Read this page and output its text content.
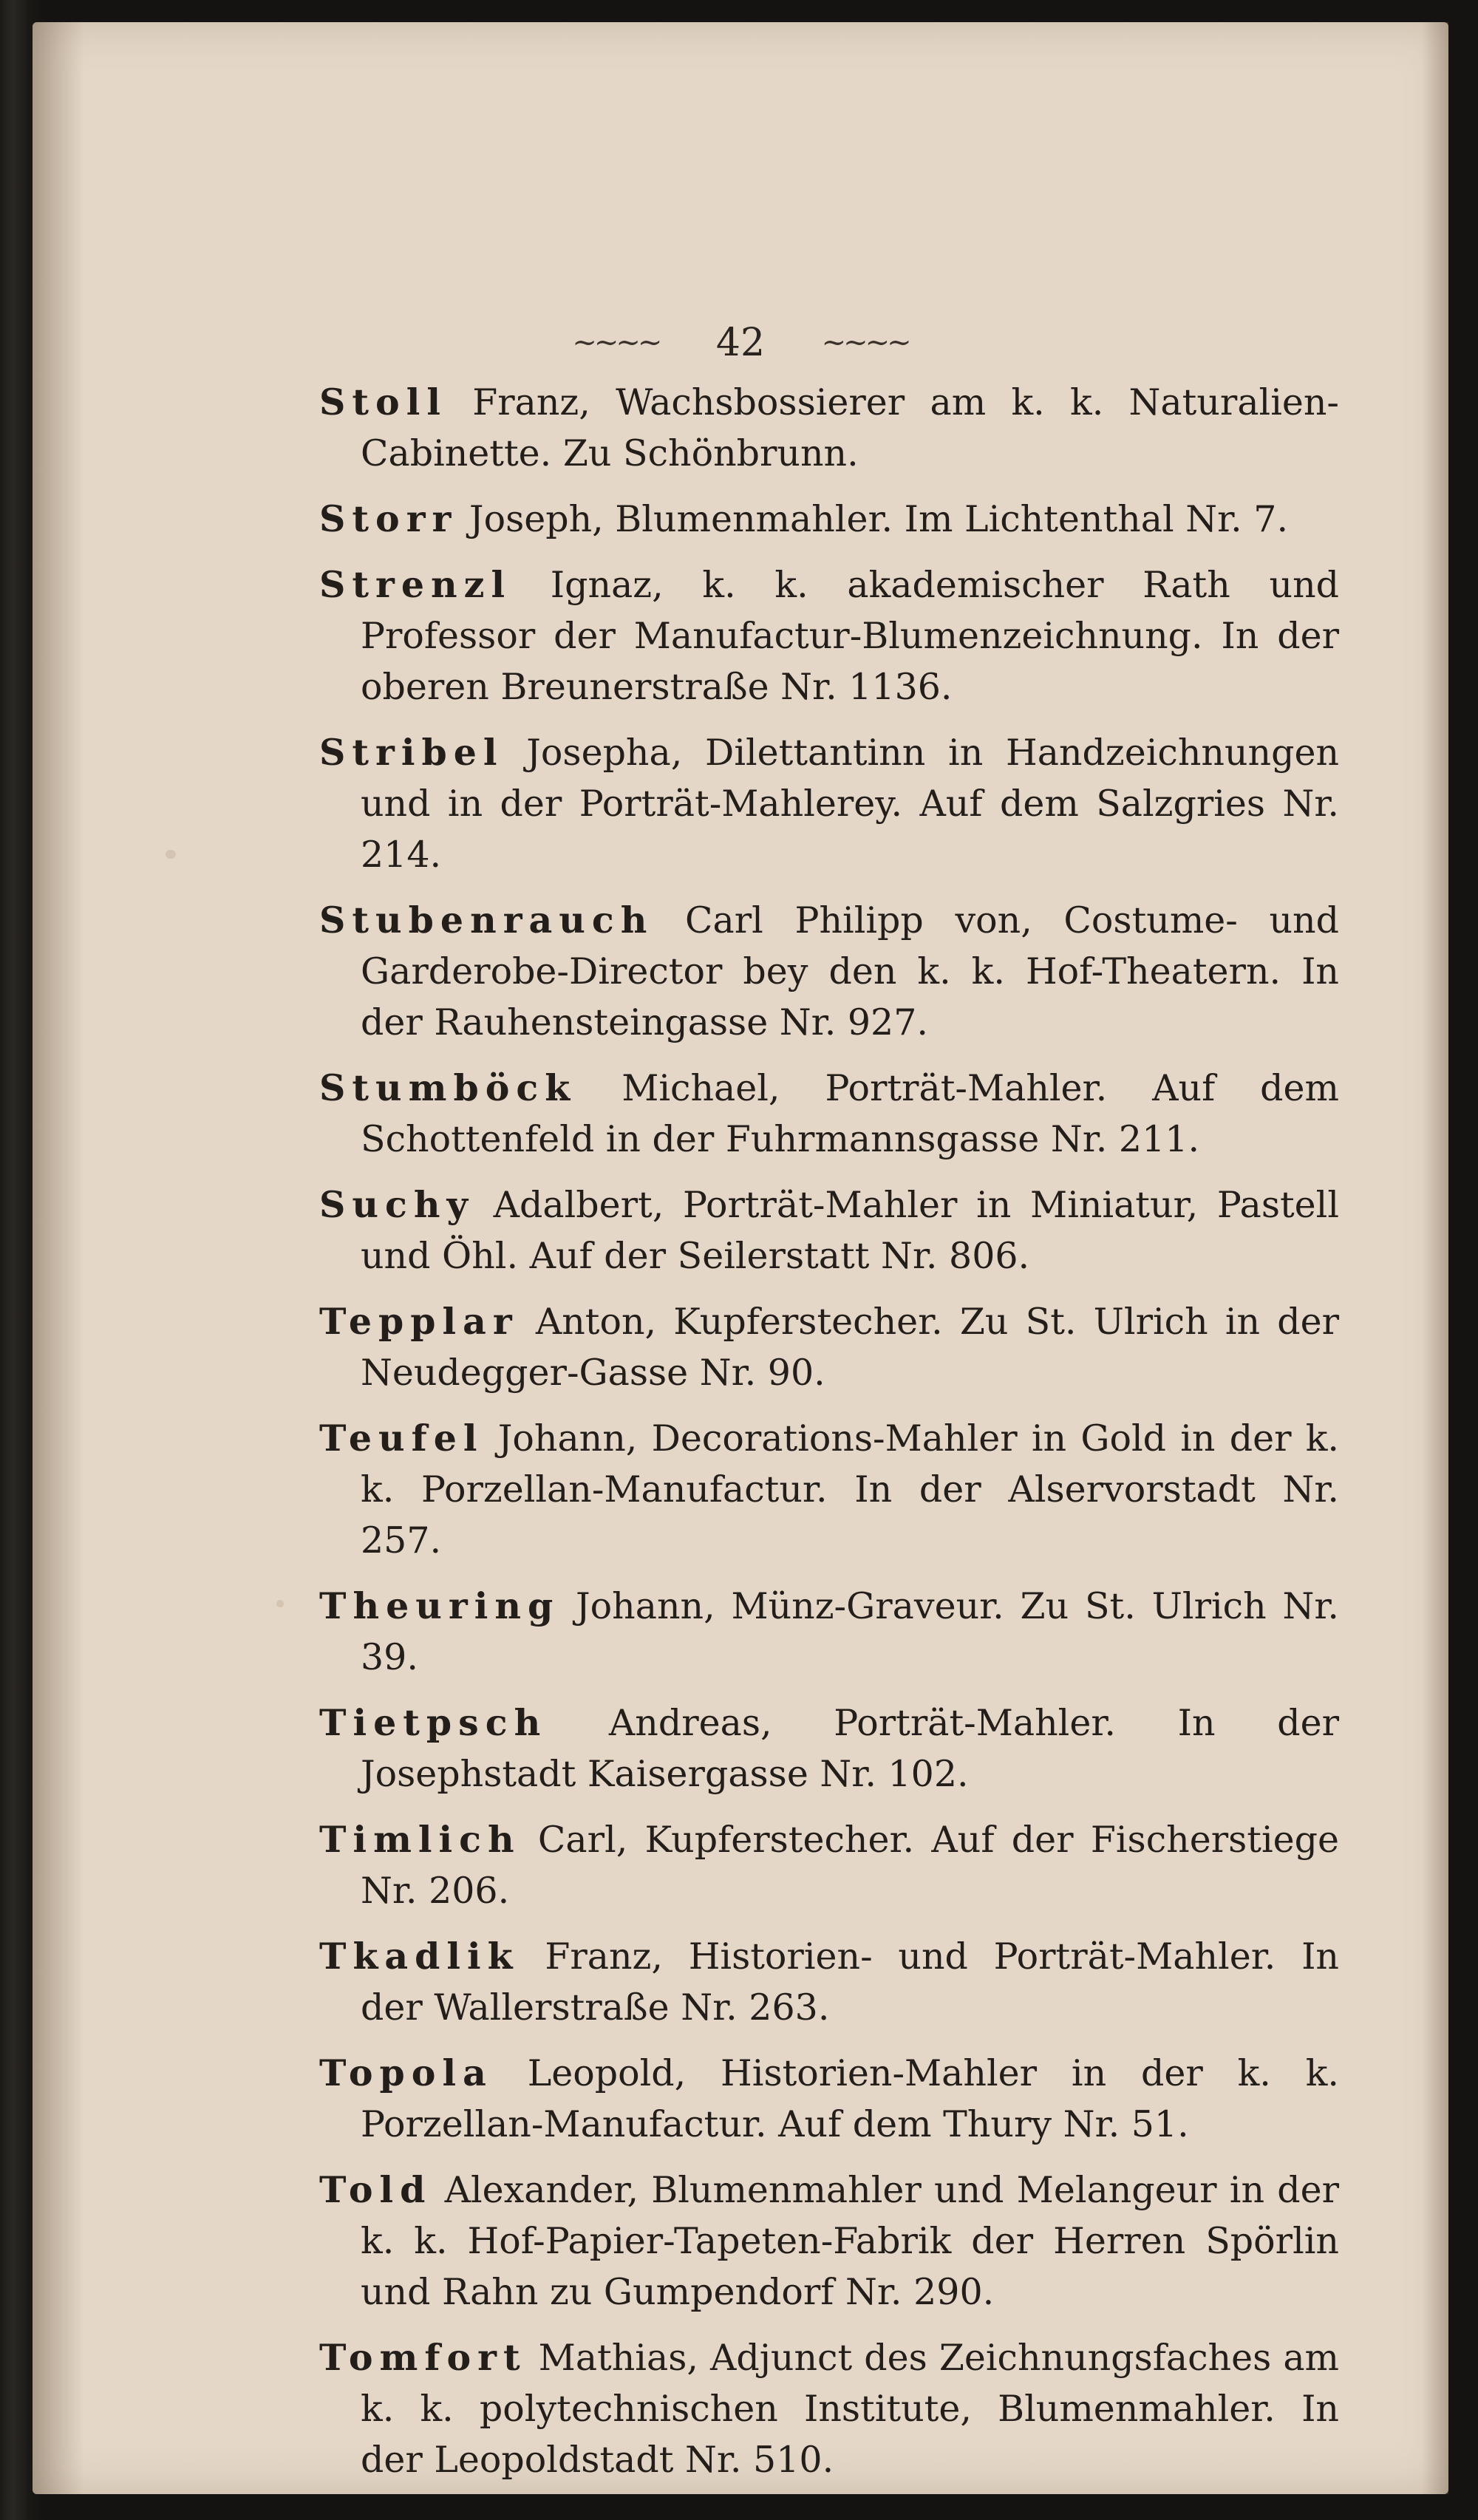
~~~~ 42 ~~~~

Stoll Franz, Wachsbossierer am k. k. Naturalien-Cabinette. Zu Schönbrunn.

Storr Joseph, Blumenmahler. Im Lichtenthal Nr. 7.

Strenzl Ignaz, k. k. akademischer Rath und Professor der Manufactur-Blumenzeichnung. In der oberen Breunerstraße Nr. 1136.

Stribel Josepha, Dilettantinn in Handzeichnungen und in der Porträt-Mahlerey. Auf dem Salzgries Nr. 214.

Stubenrauch Carl Philipp von, Costume- und Garderobe-Director bey den k. k. Hof-Theatern. In der Rauhensteingasse Nr. 927.

Stumböck Michael, Porträt-Mahler. Auf dem Schottenfeld in der Fuhrmannsgasse Nr. 211.

Suchy Adalbert, Porträt-Mahler in Miniatur, Pastell und Öhl. Auf der Seilerstatt Nr. 806.

Tepplar Anton, Kupferstecher. Zu St. Ulrich in der Neudegger-Gasse Nr. 90.

Teufel Johann, Decorations-Mahler in Gold in der k. k. Porzellan-Manufactur. In der Alservorstadt Nr. 257.

Theuring Johann, Münz-Graveur. Zu St. Ulrich Nr. 39.

Tietpsch Andreas, Porträt-Mahler. In der Josephstadt Kaisergasse Nr. 102.

Timlich Carl, Kupferstecher. Auf der Fischerstiege Nr. 206.

Tkadlik Franz, Historien- und Porträt-Mahler. In der Wallerstraße Nr. 263.

Topola Leopold, Historien-Mahler in der k. k. Porzellan-Manufactur. Auf dem Thury Nr. 51.

Told Alexander, Blumenmahler und Melangeur in der k. k. Hof-Papier-Tapeten-Fabrik der Herren Spörlin und Rahn zu Gumpendorf Nr. 290.

Tomfort Mathias, Adjunct des Zeichnungsfaches am k. k. polytechnischen Institute, Blumenmahler. In der Leopoldstadt Nr. 510.
